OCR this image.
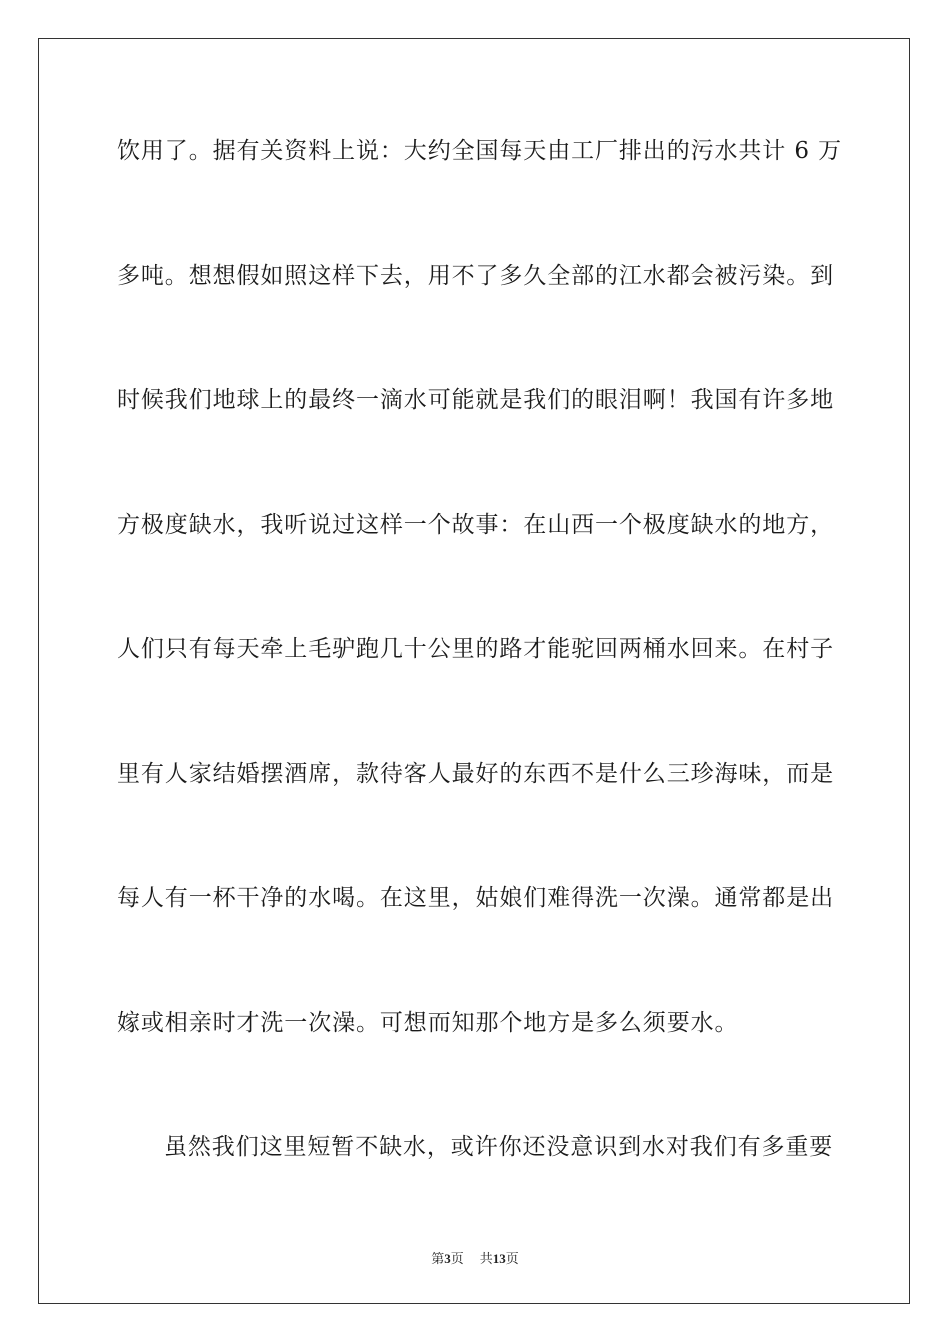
饮用了。据有关资料上说：大约全国每天由工厂排出的污水共计 6 万
多吨。想想假如照这样下去，用不了多久全部的江水都会被污染。到
时候我们地球上的最终一滴水可能就是我们的眼泪啊！我国有许多地
方极度缺水，我听说过这样一个故事：在山西一个极度缺水的地方，
人们只有每天牵上毛驴跑几十公里的路才能驼回两桶水回来。在村子
里有人家结婚摆酒席，款待客人最好的东西不是什么三珍海味，而是
每人有一杯干净的水喝。在这里，姑娘们难得洗一次澡。通常都是出
嫁或相亲时才洗一次澡。可想而知那个地方是多么须要水。
虽然我们这里短暂不缺水，或许你还没意识到水对我们有多重要
第3页 共13页
